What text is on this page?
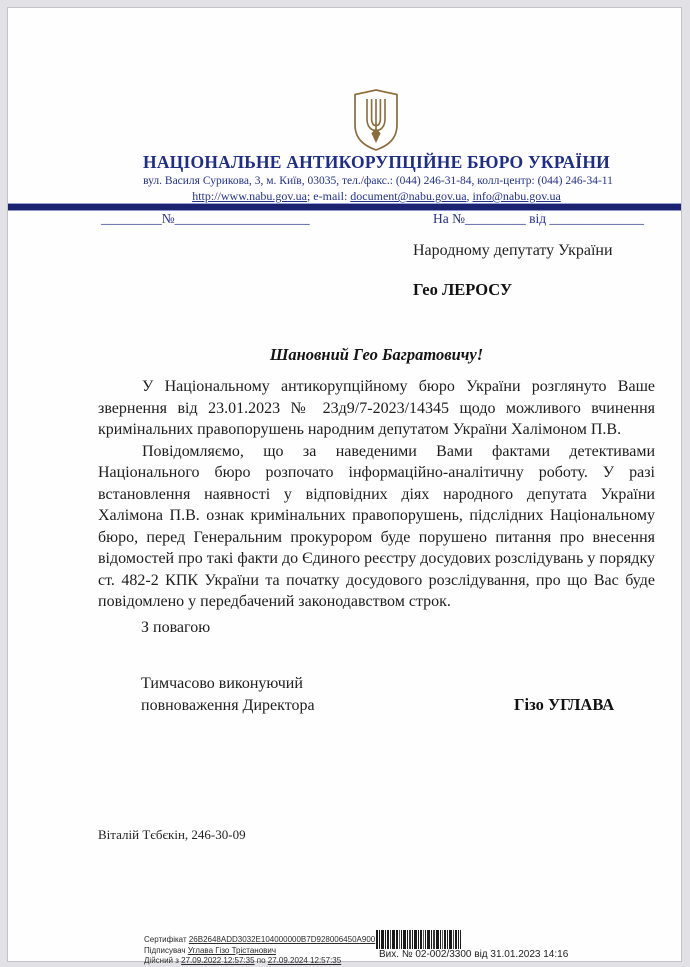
НАЦІОНАЛЬНЕ АНТИКОРУПЦІЙНЕ БЮРО УКРАЇНИ
вул. Василя Сурикова, 3, м. Київ, 03035, тел./факс.: (044) 246-31-84, колл-центр: (044) 246-34-11
http://www.nabu.gov.ua; e-mail: document@nabu.gov.ua, info@nabu.gov.ua
_________№____________________	На №_________ від ______________
Народному депутату України
Гео ЛЕРОСУ
Шановний Гео Багратовичу!

У Національному антикорупційному бюро України розглянуто Ваше звернення від 23.01.2023 № 23д9/7-2023/14345 щодо можливого вчинення кримінальних правопорушень народним депутатом України Халімоном П.В.

Повідомляємо, що за наведеними Вами фактами детективами Національного бюро розпочато інформаційно-аналітичну роботу. У разі встановлення наявності у відповідних діях народного депутата України Халімона П.В. ознак кримінальних правопорушень, підслідних Національному бюро, перед Генеральним прокурором буде порушено питання про внесення відомостей про такі факти до Єдиного реєстру досудових розслідувань у порядку ст. 482-2 КПК України та початку досудового розслідування, про що Вас буде повідомлено у передбачений законодавством строк.

З повагою
Тимчасово виконуючий
повноваження Директора	Гізо УГЛАВА
Віталій Тєбєкін, 246-30-09
Сертифікат 26B2648ADD3032E104000000B7D928006450A900
Підписувач Углава Гізо Трістанович
Дійсний з 27.09.2022 12:57:35 по 27.09.2024 12:57:35
Вих. № 02-002/3300 від 31.01.2023 14:16
